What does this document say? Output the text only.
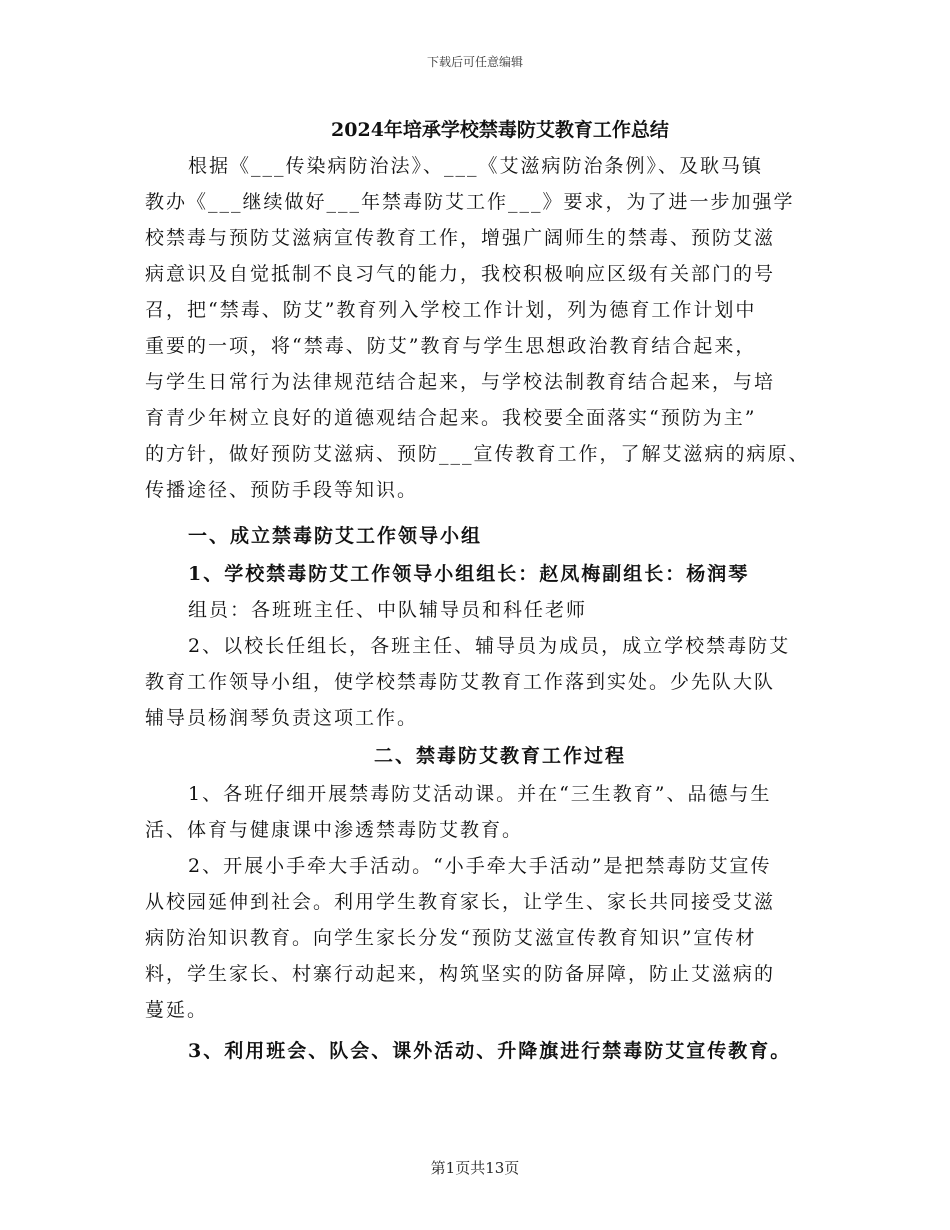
下载后可任意编辑
2024年培承学校禁毒防艾教育工作总结
根据《___传染病防治法》、___《艾滋病防治条例》、及耿马镇
教办《___继续做好___年禁毒防艾工作___》要求，为了进一步加强学
校禁毒与预防艾滋病宣传教育工作，增强广阔师生的禁毒、预防艾滋
病意识及自觉抵制不良习气的能力，我校积极响应区级有关部门的号
召，把“禁毒、防艾”教育列入学校工作计划，列为德育工作计划中
重要的一项，将“禁毒、防艾”教育与学生思想政治教育结合起来，
与学生日常行为法律规范结合起来，与学校法制教育结合起来，与培
育青少年树立良好的道德观结合起来。我校要全面落实“预防为主”
的方针，做好预防艾滋病、预防___宣传教育工作，了解艾滋病的病原、
传播途径、预防手段等知识。
一、成立禁毒防艾工作领导小组
1、学校禁毒防艾工作领导小组组长：赵凤梅副组长：杨润琴
组员：各班班主任、中队辅导员和科任老师
2、以校长任组长，各班主任、辅导员为成员，成立学校禁毒防艾
教育工作领导小组，使学校禁毒防艾教育工作落到实处。少先队大队
辅导员杨润琴负责这项工作。
二、禁毒防艾教育工作过程
1、各班仔细开展禁毒防艾活动课。并在“三生教育”、品德与生
活、体育与健康课中渗透禁毒防艾教育。
2、开展小手牵大手活动。“小手牵大手活动”是把禁毒防艾宣传
从校园延伸到社会。利用学生教育家长，让学生、家长共同接受艾滋
病防治知识教育。向学生家长分发“预防艾滋宣传教育知识”宣传材
料，学生家长、村寨行动起来，构筑坚实的防备屏障，防止艾滋病的
蔓延。
3、利用班会、队会、课外活动、升降旗进行禁毒防艾宣传教育。
第1页共13页
